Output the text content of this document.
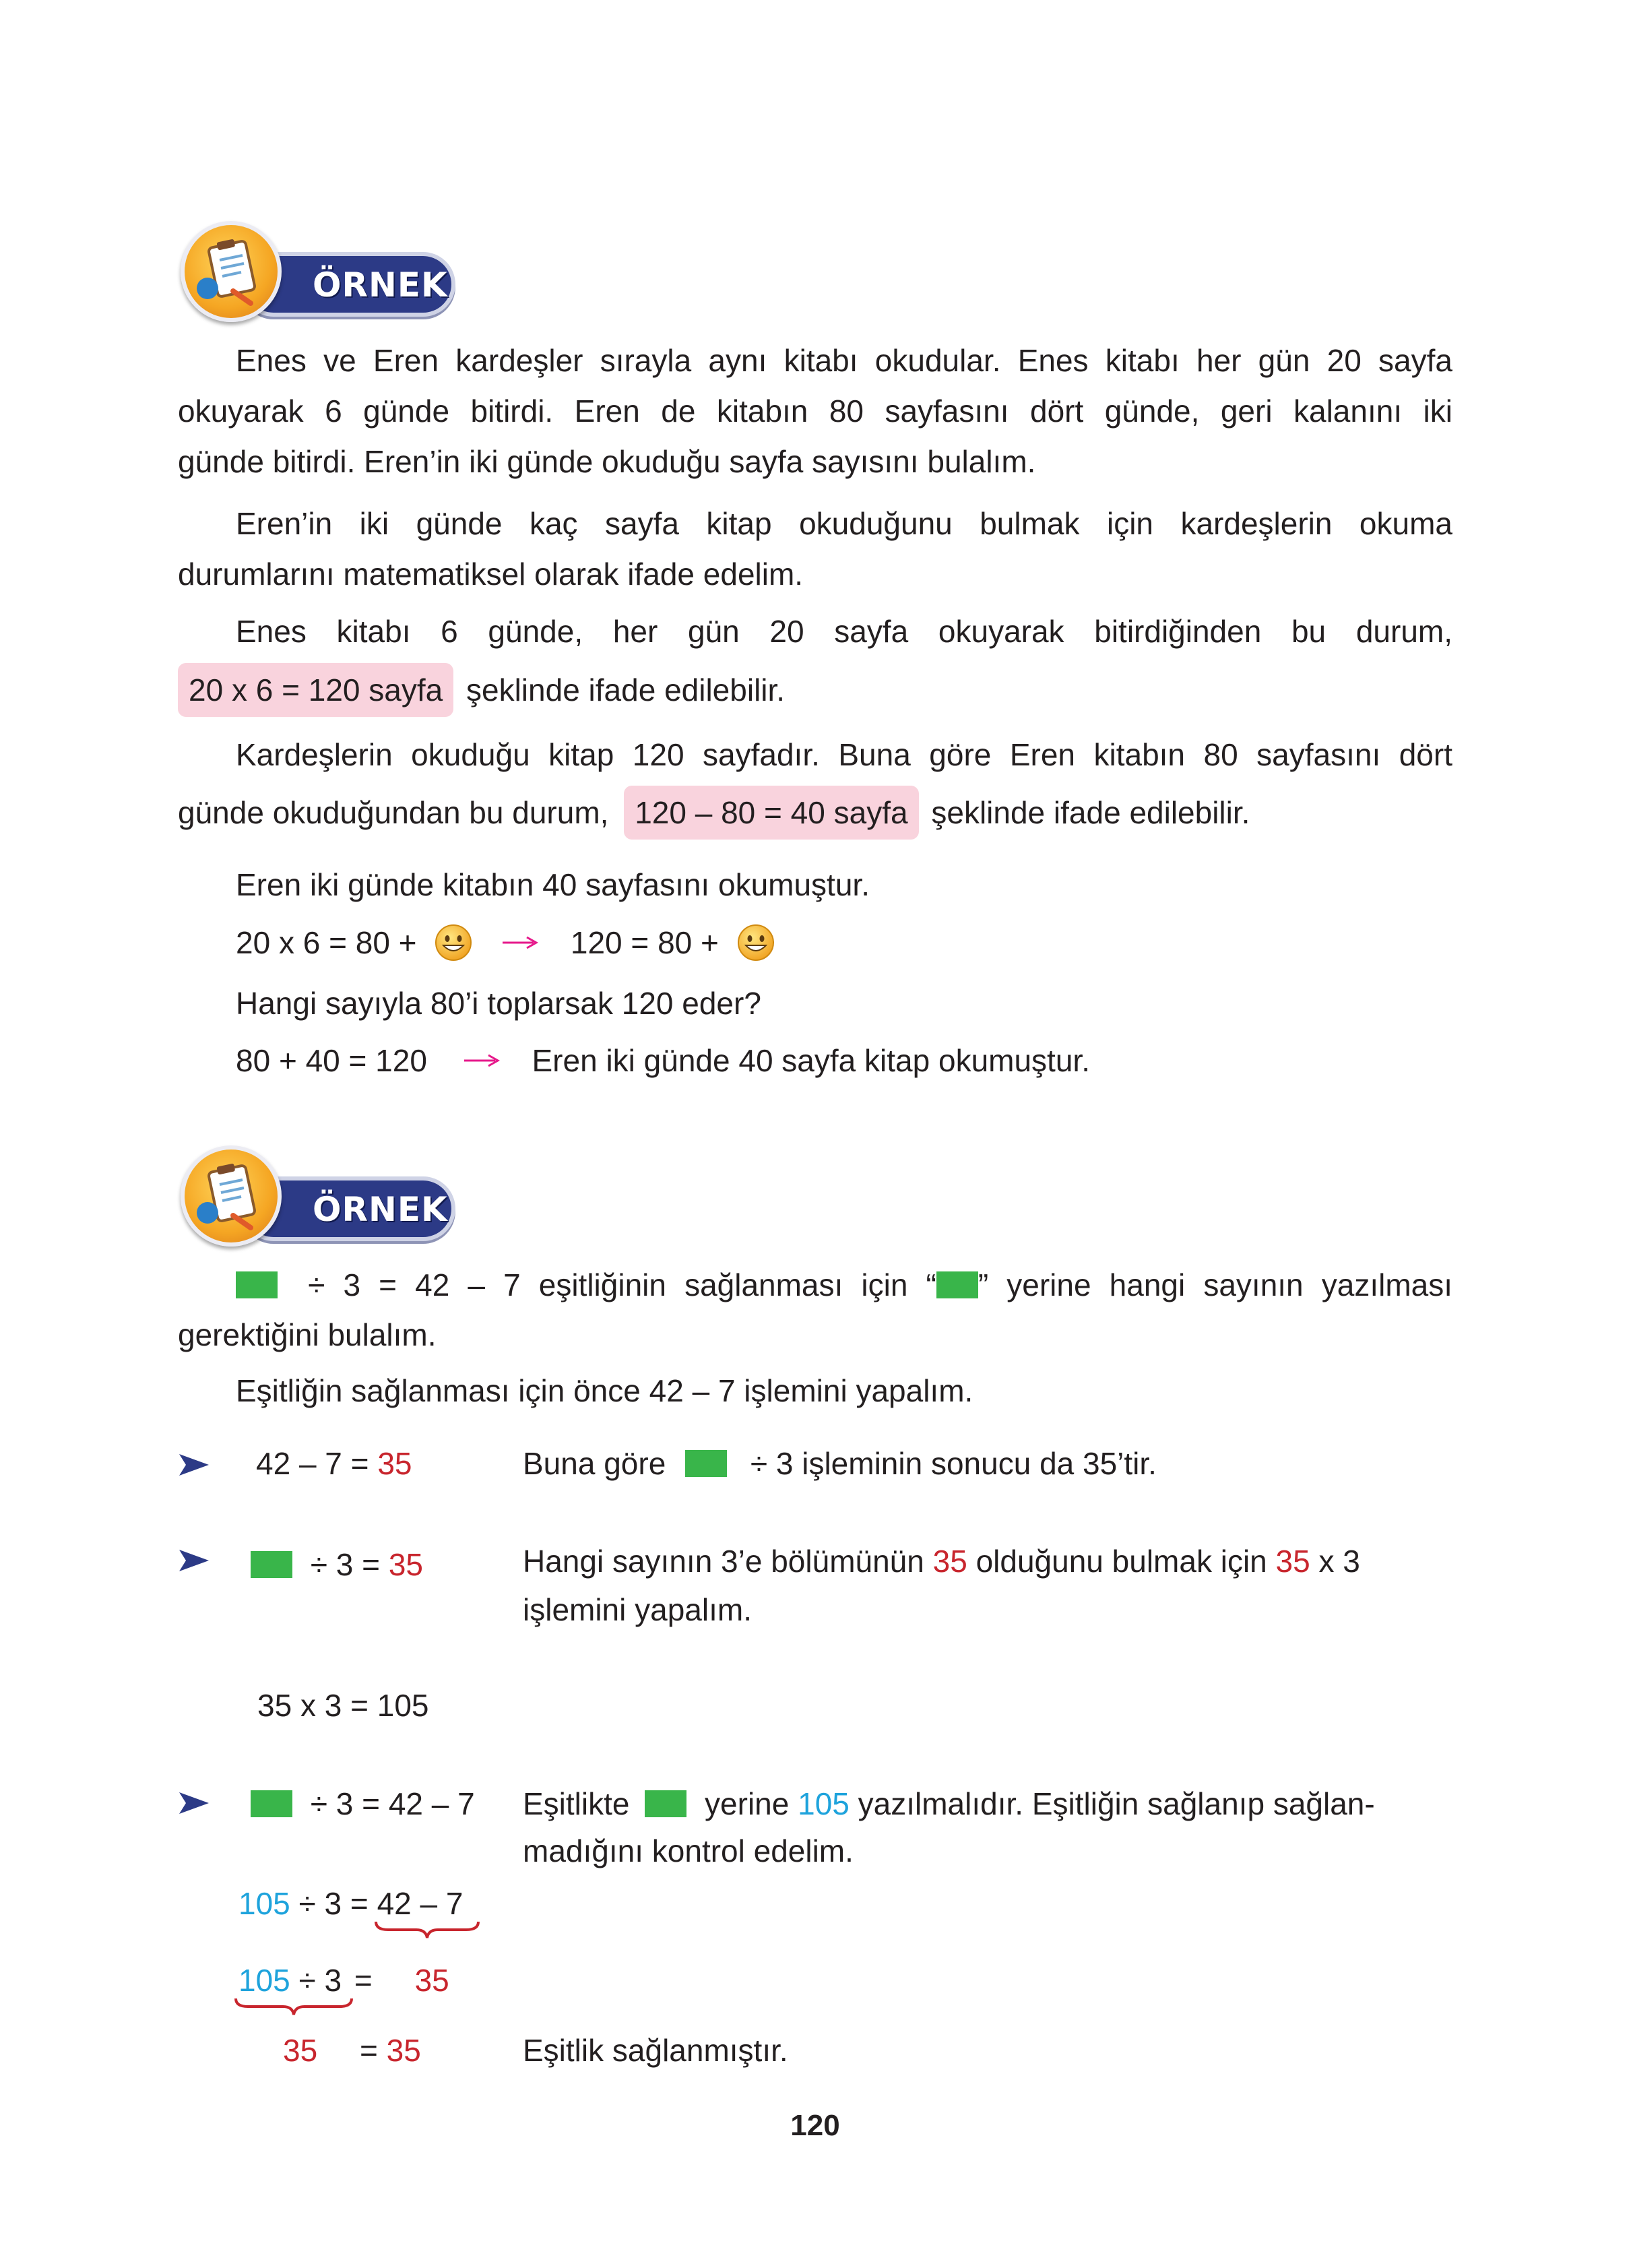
ÖRNEK
Enes ve Eren kardeşler sırayla aynı kitabı okudular. Enes kitabı her gün 20 sayfa
okuyarak 6 günde bitirdi. Eren de kitabın 80 sayfasını dört günde, geri kalanını iki
günde bitirdi. Eren’in iki günde okuduğu sayfa sayısını bulalım.
Eren’in iki günde kaç sayfa kitap okuduğunu bulmak için kardeşlerin okuma
durumlarını matematiksel olarak ifade edelim.
Enes kitabı 6 günde, her gün 20 sayfa okuyarak bitirdiğinden bu durum,
20 x 6 = 120 sayfa şeklinde ifade edilebilir.
Kardeşlerin okuduğu kitap 120 sayfadır. Buna göre Eren kitabın 80 sayfasını dört
günde okuduğundan bu durum, 120 – 80 = 40 sayfa şeklinde ifade edilebilir.
Eren iki günde kitabın 40 sayfasını okumuştur.
20 x 6 = 80 +	120 = 80 +
Hangi sayıyla 80’i toplarsak 120 eder?
80 + 40 = 120	Eren iki günde 40 sayfa kitap okumuştur.
ÖRNEK
÷ 3 = 42 – 7 eşitliğinin sağlanması için “ ” yerine hangi sayının yazılması
gerektiğini bulalım.
Eşitliğin sağlanması için önce 42 – 7 işlemini yapalım.
42 – 7 = 35	Buna göre	÷ 3 işleminin sonucu da 35’tir.
÷ 3 = 35	Hangi sayının 3’e bölümünün 35 olduğunu bulmak için 35 x 3
işlemini yapalım.
35 x 3 = 105
÷ 3 = 42 – 7 Eşitlikte yerine 105 yazılmalıdır. Eşitliğin sağlanıp sağlan-
madığını kontrol edelim.
105 ÷ 3 = 42 – 7
105 ÷ 3 = 35
35 = 35	Eşitlik sağlanmıştır.
120
